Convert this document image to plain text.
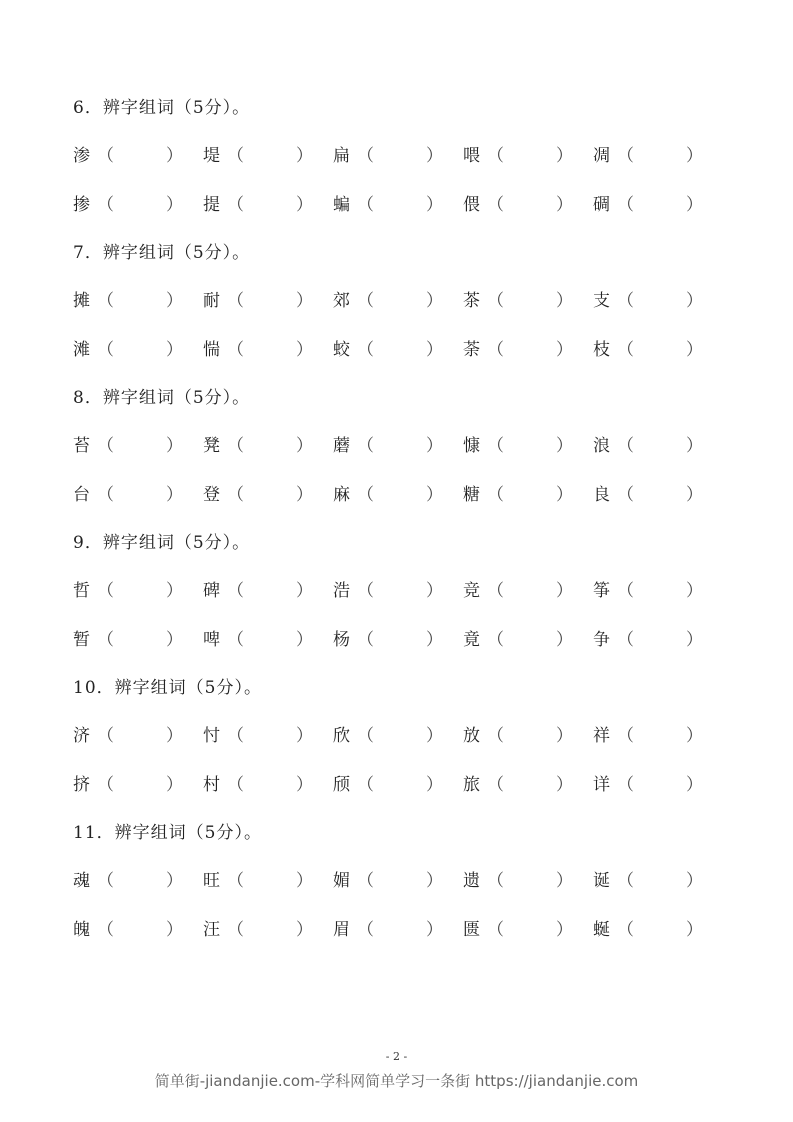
6．辨字组词（5分）。
渗 （	） 堤 （	） 扁 （	） 喂 （	） 凋 （	）
掺 （	） 提 （	） 蝙 （	） 偎 （	） 碉 （	）
7．辨字组词（5分）。
摊 （	） 耐 （	） 郊 （	） 茶 （	） 支 （	）
滩 （	） 惴 （	） 蛟 （	） 荼 （	） 枝 （	）
8．辨字组词（5分）。
苔 （	） 凳 （	） 蘑 （	） 慷 （	） 浪 （	）
台 （	） 登 （	） 麻 （	） 糖 （	） 良 （	）
9．辨字组词（5分）。
哲 （	） 碑 （	） 浩 （	） 竞 （	） 筝 （	）
暂 （	） 啤 （	） 杨 （	） 竟 （	） 争 （	）
10．辨字组词（5分）。
济 （	） 忖 （	） 欣 （	） 放 （	） 祥 （	）
挤 （	） 村 （	） 颀 （	） 旅 （	） 详 （	）
11．辨字组词（5分）。
魂 （	） 旺 （	） 媚 （	） 遗 （	） 诞 （	）
魄 （	） 汪 （	） 眉 （	） 匮 （	） 蜒 （	）
- 2 -
简单街-jiandanjie.com-学科网简单学习一条街 https://jiandanjie.com
